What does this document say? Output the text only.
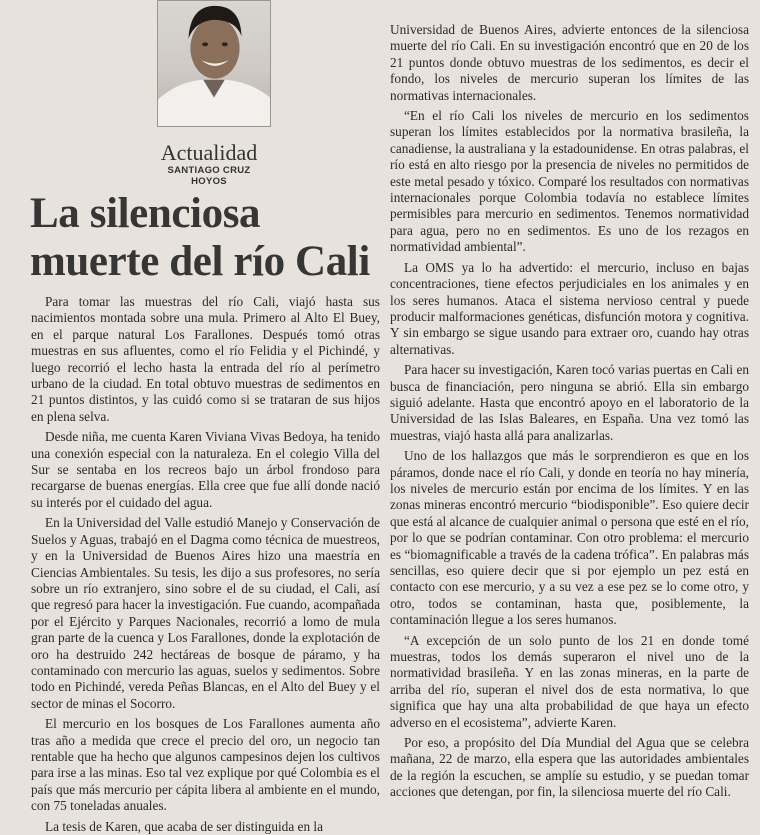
Actualidad
SANTIAGO CRUZ HOYOS
La silenciosa
muerte del río Cali

Para tomar las muestras del río Cali, viajó hasta sus nacimientos montada sobre una mula. Primero al Alto El Buey, en el parque natural Los Farallones. Después tomó otras muestras en sus afluentes, como el río Felidia y el Pichindé, y luego recorrió el lecho hasta la entrada del río al perímetro urbano de la ciudad. En total obtuvo muestras de sedimentos en 21 puntos distintos, y las cuidó como si se trataran de sus hijos en plena selva.

Desde niña, me cuenta Karen Viviana Vivas Bedoya, ha tenido una conexión especial con la naturaleza. En el colegio Villa del Sur se sentaba en los recreos bajo un árbol frondoso para recargarse de buenas energías. Ella cree que fue allí donde nació su interés por el cuidado del agua.

En la Universidad del Valle estudió Manejo y Conservación de Suelos y Aguas, trabajó en el Dagma como técnica de muestreos, y en la Universidad de Buenos Aires hizo una maestría en Ciencias Ambientales. Su tesis, les dijo a sus profesores, no sería sobre un río extranjero, sino sobre el de su ciudad, el Cali, así que regresó para hacer la investigación. Fue cuando, acompañada por el Ejército y Parques Nacionales, recorrió a lomo de mula gran parte de la cuenca y Los Farallones, donde la explotación de oro ha destruido 242 hectáreas de bosque de páramo, y ha contaminado con mercurio las aguas, suelos y sedimentos. Sobre todo en Pichindé, vereda Peñas Blancas, en el Alto del Buey y el sector de minas el Socorro.

El mercurio en los bosques de Los Farallones aumenta año tras año a medida que crece el precio del oro, un negocio tan rentable que ha hecho que algunos campesinos dejen los cultivos para irse a las minas. Eso tal vez explique por qué Colombia es el país que más mercurio per cápita libera al ambiente en el mundo, con 75 toneladas anuales.

La tesis de Karen, que acaba de ser distinguida en la

Universidad de Buenos Aires, advierte entonces de la silenciosa muerte del río Cali. En su investigación encontró que en 20 de los 21 puntos donde obtuvo muestras de los sedimentos, es decir el fondo, los niveles de mercurio superan los límites de las normativas internacionales.

“En el río Cali los niveles de mercurio en los sedimentos superan los límites establecidos por la normativa brasileña, la canadiense, la australiana y la estadounidense. En otras palabras, el río está en alto riesgo por la presencia de niveles no permitidos de este metal pesado y tóxico. Comparé los resultados con normativas internacionales porque Colombia todavía no establece límites permisibles para mercurio en sedimentos. Tenemos normatividad para agua, pero no en sedimentos. Es uno de los rezagos en normatividad ambiental”.

La OMS ya lo ha advertido: el mercurio, incluso en bajas concentraciones, tiene efectos perjudiciales en los animales y en los seres humanos. Ataca el sistema nervioso central y puede producir malformaciones genéticas, disfunción motora y cognitiva. Y sin embargo se sigue usando para extraer oro, cuando hay otras alternativas.

Para hacer su investigación, Karen tocó varias puertas en Cali en busca de financiación, pero ninguna se abrió. Ella sin embargo siguió adelante. Hasta que encontró apoyo en el laboratorio de la Universidad de las Islas Baleares, en España. Una vez tomó las muestras, viajó hasta allá para analizarlas.

Uno de los hallazgos que más le sorprendieron es que en los páramos, donde nace el río Cali, y donde en teoría no hay minería, los niveles de mercurio están por encima de los límites. Y en las zonas mineras encontró mercurio “biodisponible”. Eso quiere decir que está al alcance de cualquier animal o persona que esté en el río, por lo que se podrían contaminar. Con otro problema: el mercurio es “biomagnificable a través de la cadena trófica”. En palabras más sencillas, eso quiere decir que si por ejemplo un pez está en contacto con ese mercurio, y a su vez a ese pez se lo come otro, y otro, todos se contaminan, hasta que, posiblemente, la contaminación llegue a los seres humanos.

“A excepción de un solo punto de los 21 en donde tomé muestras, todos los demás superaron el nivel uno de la normatividad brasileña. Y en las zonas mineras, en la parte de arriba del río, superan el nivel dos de esta normativa, lo que significa que hay una alta probabilidad de que haya un efecto adverso en el ecosistema”, advierte Karen.

Por eso, a propósito del Día Mundial del Agua que se celebra mañana, 22 de marzo, ella espera que las autoridades ambientales de la región la escuchen, se amplíe su estudio, y se puedan tomar acciones que detengan, por fin, la silenciosa muerte del río Cali.
